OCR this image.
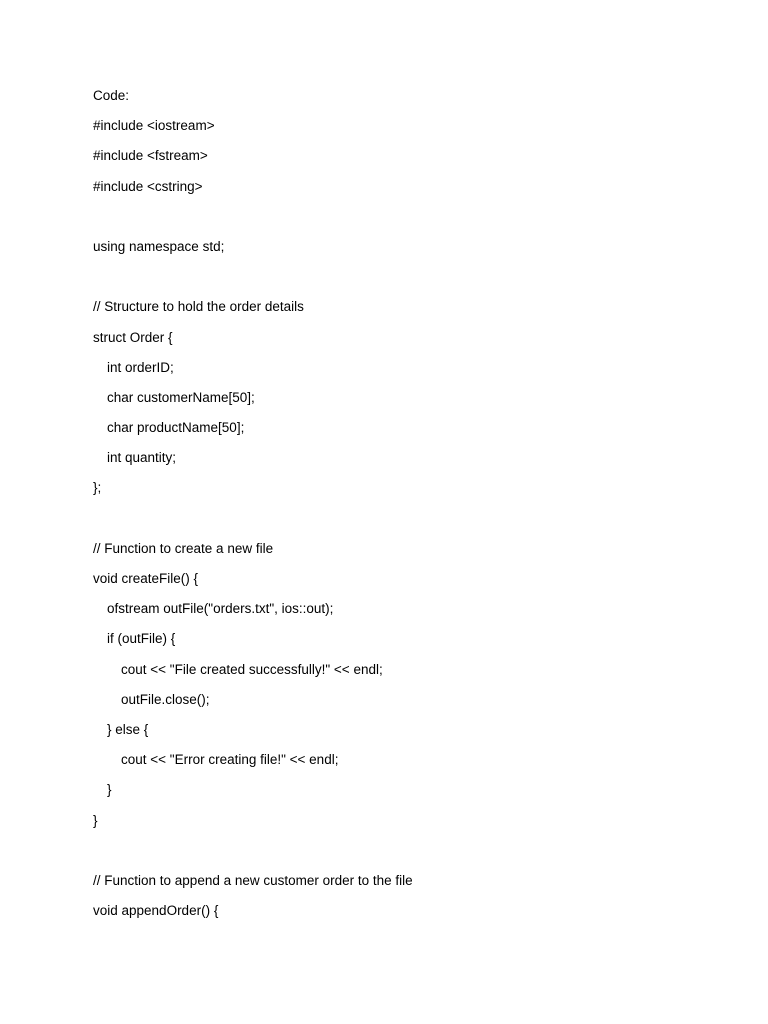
Code:
#include <iostream>
#include <fstream>
#include <cstring>
using namespace std;
// Structure to hold the order details
struct Order {
int orderID;
char customerName[50];
char productName[50];
int quantity;
};
// Function to create a new file
void createFile() {
ofstream outFile("orders.txt", ios::out);
if (outFile) {
cout << "File created successfully!" << endl;
outFile.close();
} else {
cout << "Error creating file!" << endl;
}
}
// Function to append a new customer order to the file
void appendOrder() {
